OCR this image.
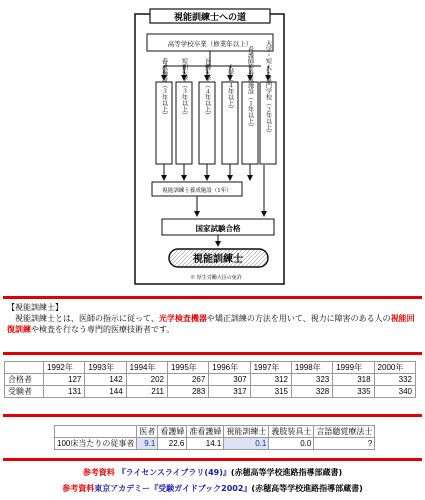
視能訓練士への道
高等学校卒業（修業年以上）
養成施設（３年以上） 短期大学（３年以上）	盲聾大学（４年以上）	大学（４年以上） 看護師等養成施設（１年以上） 大学・短大・専門学校（２年以上）
視能訓練士養成施設（1年）
国家試験合格
視能訓練士
※ 厚生労働大臣の免許
【視能訓練士】
　視能訓練士とは、医師の指示に従って、光学検査機器や矯正訓練の方法を用いて、視力に障害のある人の視能回復訓練や検査を行なう専門的医療技術者です。
	1992年	1993年	1994年	1995年	1996年	1997年	1998年	1999年	2000年
合格者	127	142	202	267	307	312	323	318	332
受験者	131	144	211	283	317	315	328	335	340
	医者	看護婦	准看護婦	視能訓練士	義肢装具士	言語聴覚療法士
100床当たりの従事者	9.1	22.6	14.1	0.1	0.0	?
参考資料 『ライセンスライブラリ(49)』(赤穂高等学校進路指導部蔵書)
参考資料東京アカデミー『受験ガイドブック2002』(赤穂高等学校進路指導部蔵書)
